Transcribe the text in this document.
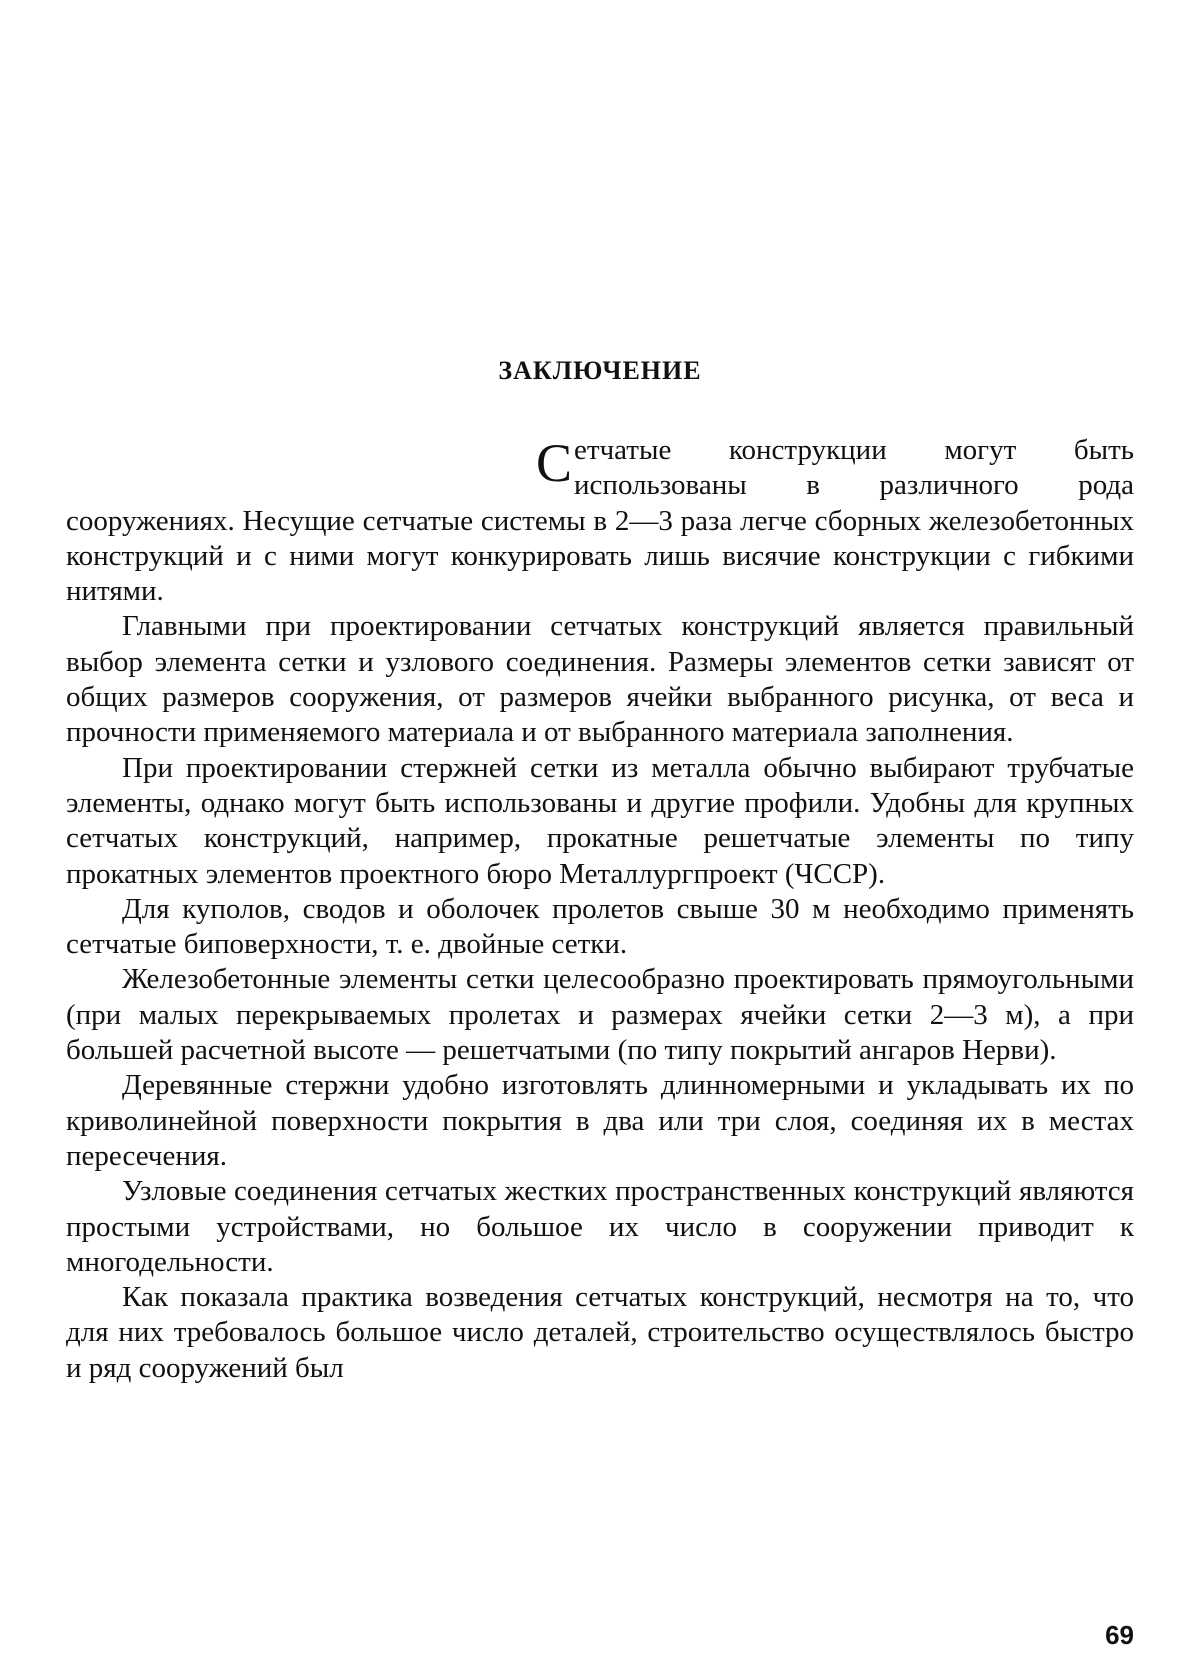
ЗАКЛЮЧЕНИЕ

Сетчатые конструкции могут быть использованы в различного рода сооружениях. Несущие сетчатые системы в 2—3 раза легче сборных железобетонных конструкций и с ними могут конкурировать лишь висячие конструкции с гибкими нитями.

Главными при проектировании сетчатых конструкций является правильный выбор элемента сетки и узлового соединения. Размеры элементов сетки зависят от общих размеров сооружения, от размеров ячейки выбранного рисунка, от веса и прочности применяемого материала и от выбранного материала заполнения.

При проектировании стержней сетки из металла обычно выбирают трубчатые элементы, однако могут быть использованы и другие профили. Удобны для крупных сетчатых конструкций, например, прокатные решетчатые элементы по типу прокатных элементов проектного бюро Металлургпроект (ЧССР).

Для куполов, сводов и оболочек пролетов свыше 30 м необходимо применять сетчатые биповерхности, т. е. двойные сетки.

Железобетонные элементы сетки целесообразно проектировать прямоугольными (при малых перекрываемых пролетах и размерах ячейки сетки 2—3 м), а при большей расчетной высоте — решетчатыми (по типу покрытий ангаров Нерви).

Деревянные стержни удобно изготовлять длинномерными и укладывать их по криволинейной поверхности покрытия в два или три слоя, соединяя их в местах пересечения.

Узловые соединения сетчатых жестких пространственных конструкций являются простыми устройствами, но большое их число в сооружении приводит к многодельности.

Как показала практика возведения сетчатых конструкций, несмотря на то, что для них требовалось большое число деталей, строительство осуществлялось быстро и ряд сооружений был

69
